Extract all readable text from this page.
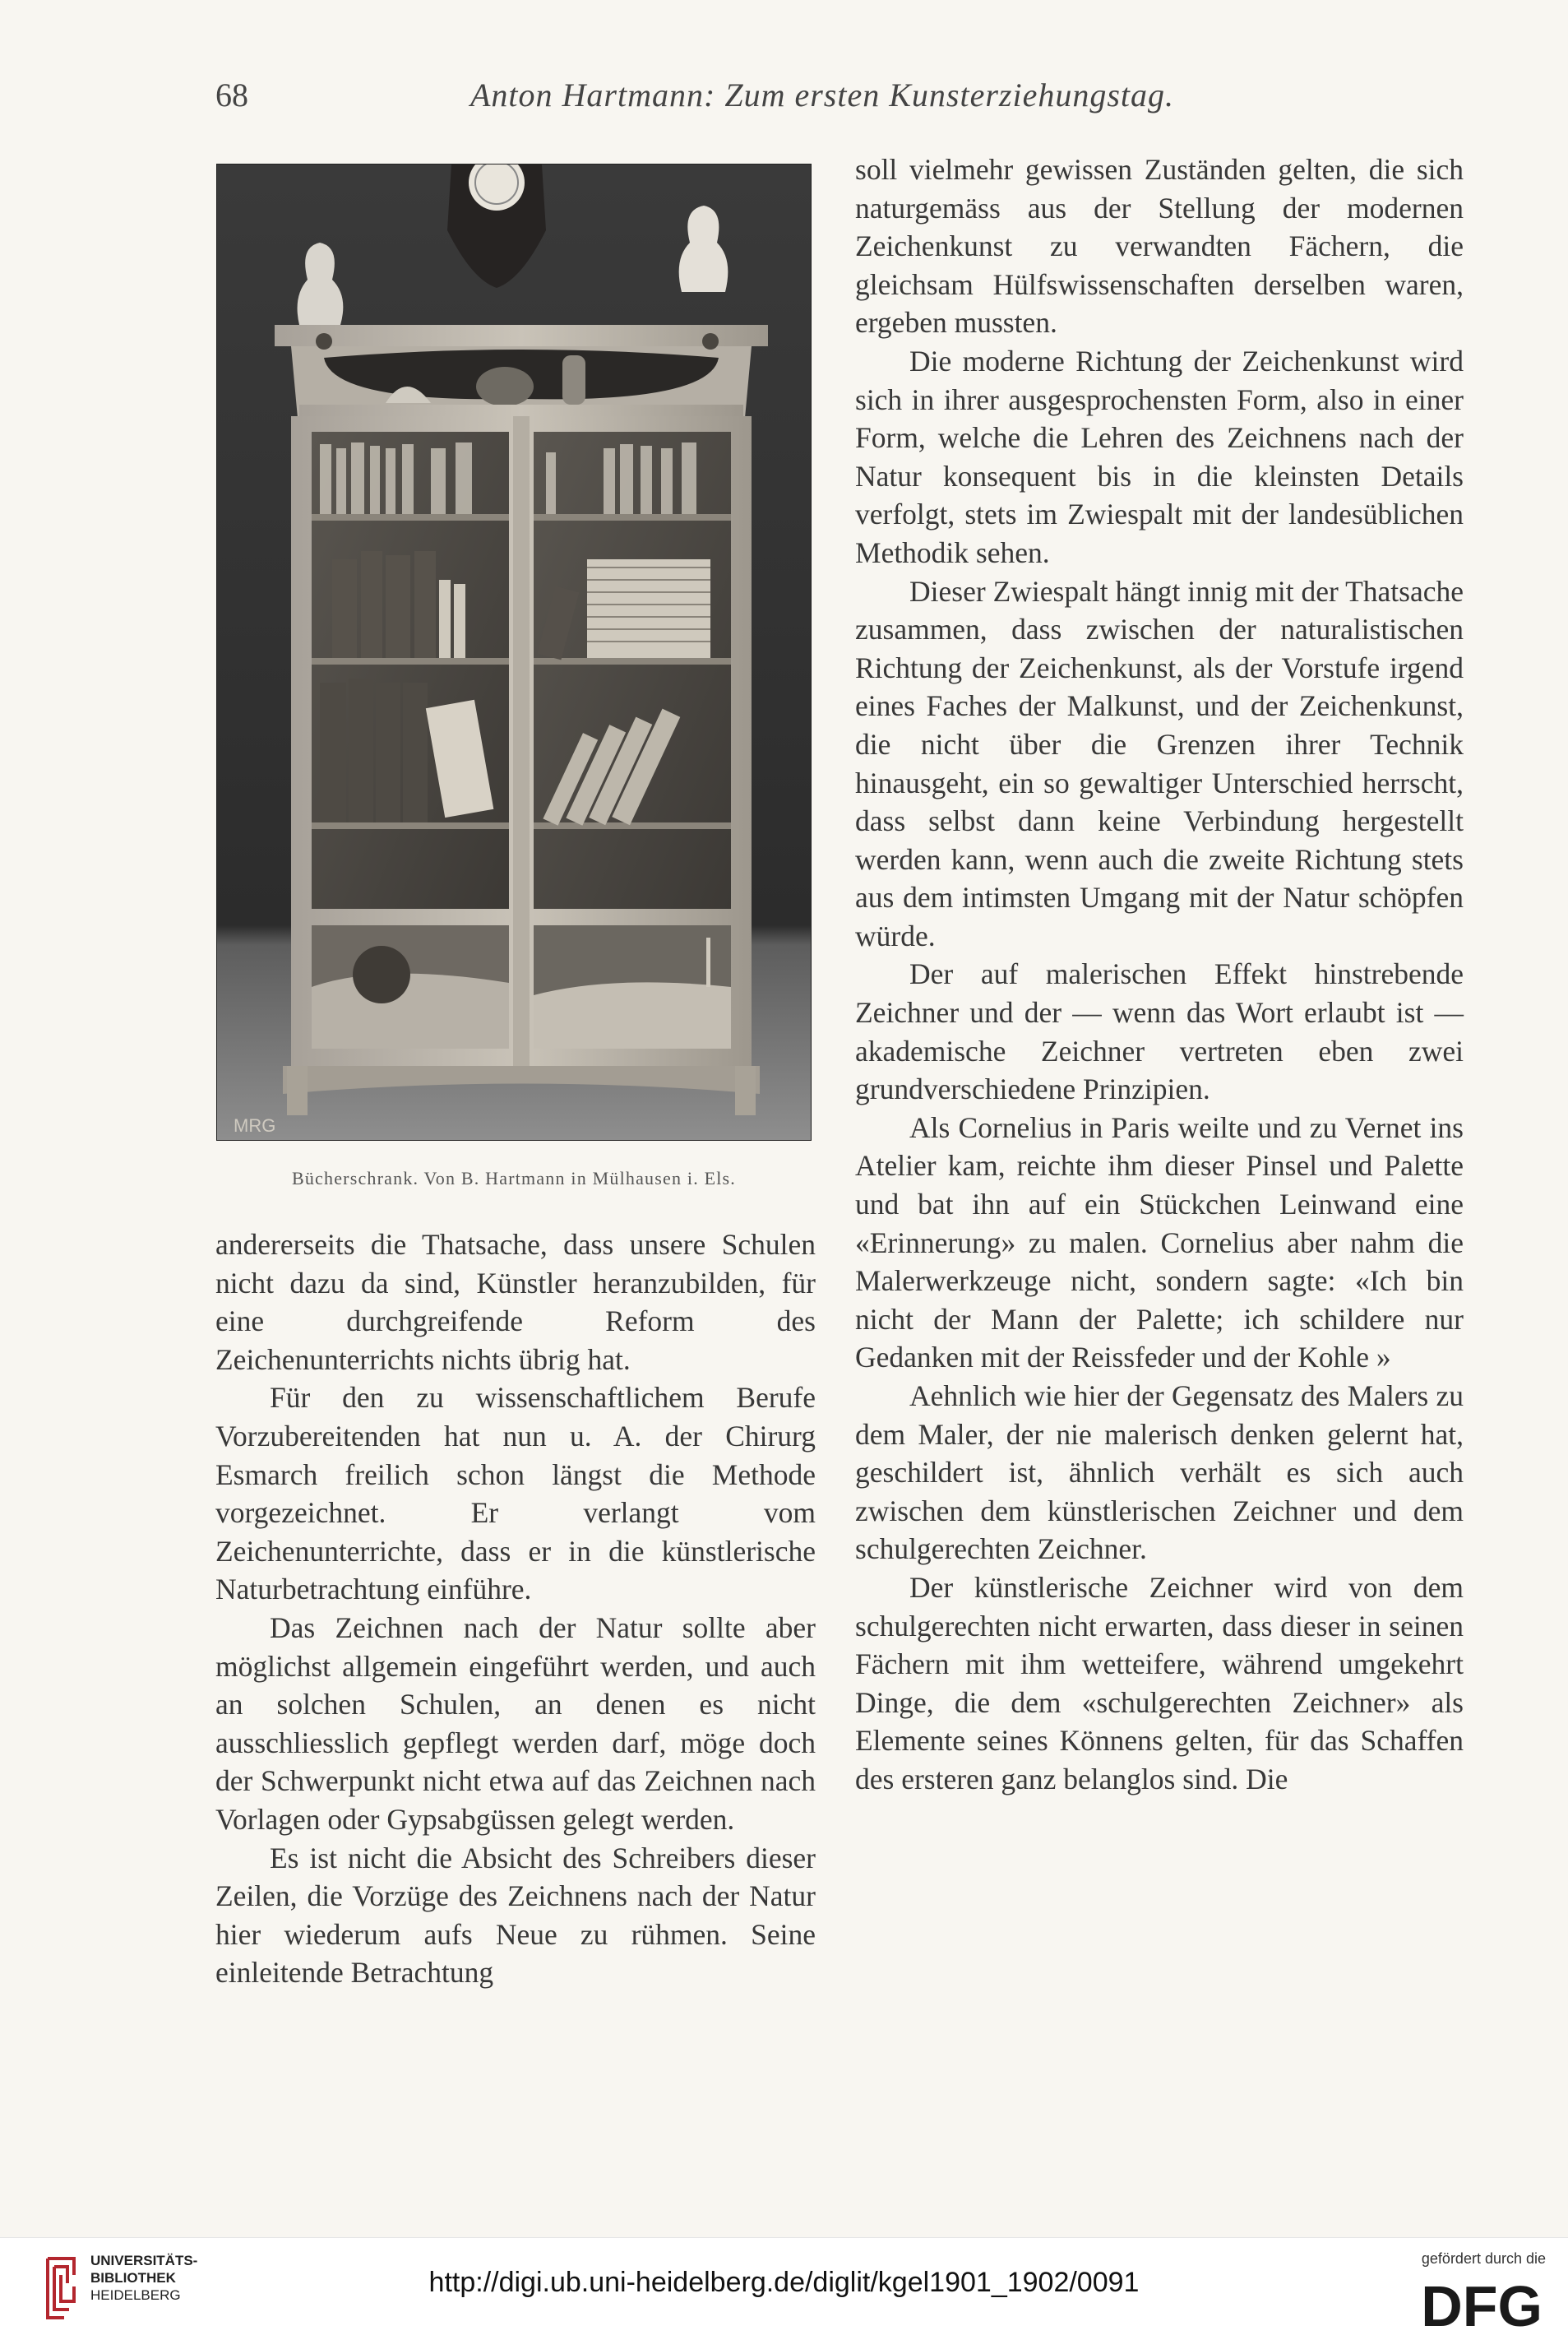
68	Anton Hartmann: Zum ersten Kunsterziehungstag.
MRG
Bücherschrank. Von B. Hartmann in Mülhausen i. Els.

andererseits die Thatsache, dass unsere Schulen nicht dazu da sind, Künstler heranzubilden, für eine durchgreifende Reform des Zeichenunterrichts nichts übrig hat.

Für den zu wissenschaftlichem Berufe Vorzubereitenden hat nun u. A. der Chirurg Esmarch freilich schon längst die Methode vorgezeichnet. Er verlangt vom Zeichenunterrichte, dass er in die künstlerische Naturbetrachtung einführe.

Das Zeichnen nach der Natur sollte aber möglichst allgemein eingeführt werden, und auch an solchen Schulen, an denen es nicht ausschliesslich gepflegt werden darf, möge doch der Schwerpunkt nicht etwa auf das Zeichnen nach Vorlagen oder Gypsabgüssen gelegt werden.

Es ist nicht die Absicht des Schreibers dieser Zeilen, die Vorzüge des Zeichnens nach der Natur hier wiederum aufs Neue zu rühmen. Seine einleitende Betrachtung

soll vielmehr gewissen Zuständen gelten, die sich naturgemäss aus der Stellung der modernen Zeichenkunst zu verwandten Fächern, die gleichsam Hülfswissenschaften derselben waren, ergeben mussten.

Die moderne Richtung der Zeichenkunst wird sich in ihrer ausgesprochensten Form, also in einer Form, welche die Lehren des Zeichnens nach der Natur konsequent bis in die kleinsten Details verfolgt, stets im Zwiespalt mit der landesüblichen Methodik sehen.

Dieser Zwiespalt hängt innig mit der Thatsache zusammen, dass zwischen der naturalistischen Richtung der Zeichenkunst, als der Vorstufe irgend eines Faches der Malkunst, und der Zeichenkunst, die nicht über die Grenzen ihrer Technik hinausgeht, ein so gewaltiger Unterschied herrscht, dass selbst dann keine Verbindung hergestellt werden kann, wenn auch die zweite Richtung stets aus dem intimsten Umgang mit der Natur schöpfen würde.

Der auf malerischen Effekt hinstrebende Zeichner und der — wenn das Wort erlaubt ist — akademische Zeichner vertreten eben zwei grundverschiedene Prinzipien.

Als Cornelius in Paris weilte und zu Vernet ins Atelier kam, reichte ihm dieser Pinsel und Palette und bat ihn auf ein Stückchen Leinwand eine «Erinnerung» zu malen. Cornelius aber nahm die Malerwerkzeuge nicht, sondern sagte: «Ich bin nicht der Mann der Palette; ich schildere nur Gedanken mit der Reissfeder und der Kohle »

Aehnlich wie hier der Gegensatz des Malers zu dem Maler, der nie malerisch denken gelernt hat, geschildert ist, ähnlich verhält es sich auch zwischen dem künstlerischen Zeichner und dem schulgerechten Zeichner.

Der künstlerische Zeichner wird von dem schulgerechten nicht erwarten, dass dieser in seinen Fächern mit ihm wetteifere, während umgekehrt Dinge, die dem «schulgerechten Zeichner» als Elemente seines Könnens gelten, für das Schaffen des ersteren ganz belanglos sind. Die

UNIVERSITÄTS-
BIBLIOTHEK
HEIDELBERG	http://digi.ub.uni-heidelberg.de/diglit/kgel1901_1902/0091
gefördert durch die
DFG
